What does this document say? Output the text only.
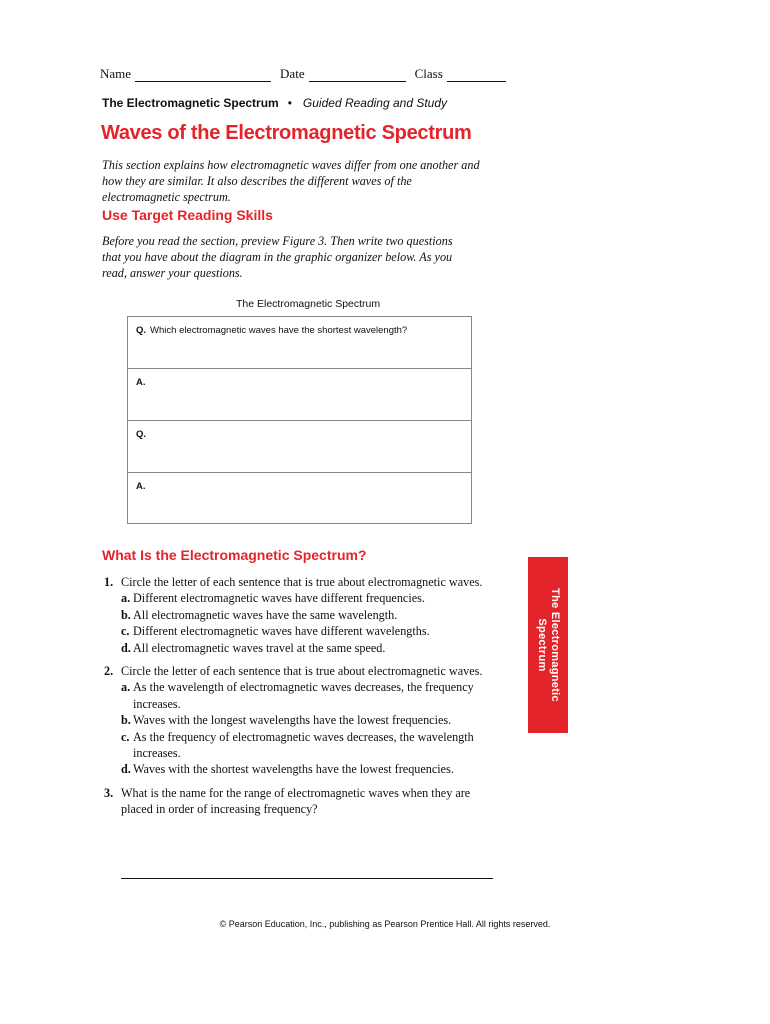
Name	Date	Class
The Electromagnetic Spectrum • Guided Reading and Study
Waves of the Electromagnetic Spectrum
This section explains how electromagnetic waves differ from one another and how they are similar. It also describes the different waves of the electromagnetic spectrum.
Use Target Reading Skills
Before you read the section, preview Figure 3. Then write two questions that you have about the diagram in the graphic organizer below. As you read, answer your questions.
The Electromagnetic Spectrum
Q. Which electromagnetic waves have the shortest wavelength?
A.
Q.
A.
What Is the Electromagnetic Spectrum?
1. Circle the letter of each sentence that is true about electromagnetic waves.
a. Different electromagnetic waves have different frequencies.
b. All electromagnetic waves have the same wavelength.
c. Different electromagnetic waves have different wavelengths.
d. All electromagnetic waves travel at the same speed.
2. Circle the letter of each sentence that is true about electromagnetic waves.
a. As the wavelength of electromagnetic waves decreases, the frequency increases.
b. Waves with the longest wavelengths have the lowest frequencies.
c. As the frequency of electromagnetic waves decreases, the wavelength increases.
d. Waves with the shortest wavelengths have the lowest frequencies.
3. What is the name for the range of electromagnetic waves when they are placed in order of increasing frequency?
The Electromagnetic
Spectrum
© Pearson Education, Inc., publishing as Pearson Prentice Hall. All rights reserved.
